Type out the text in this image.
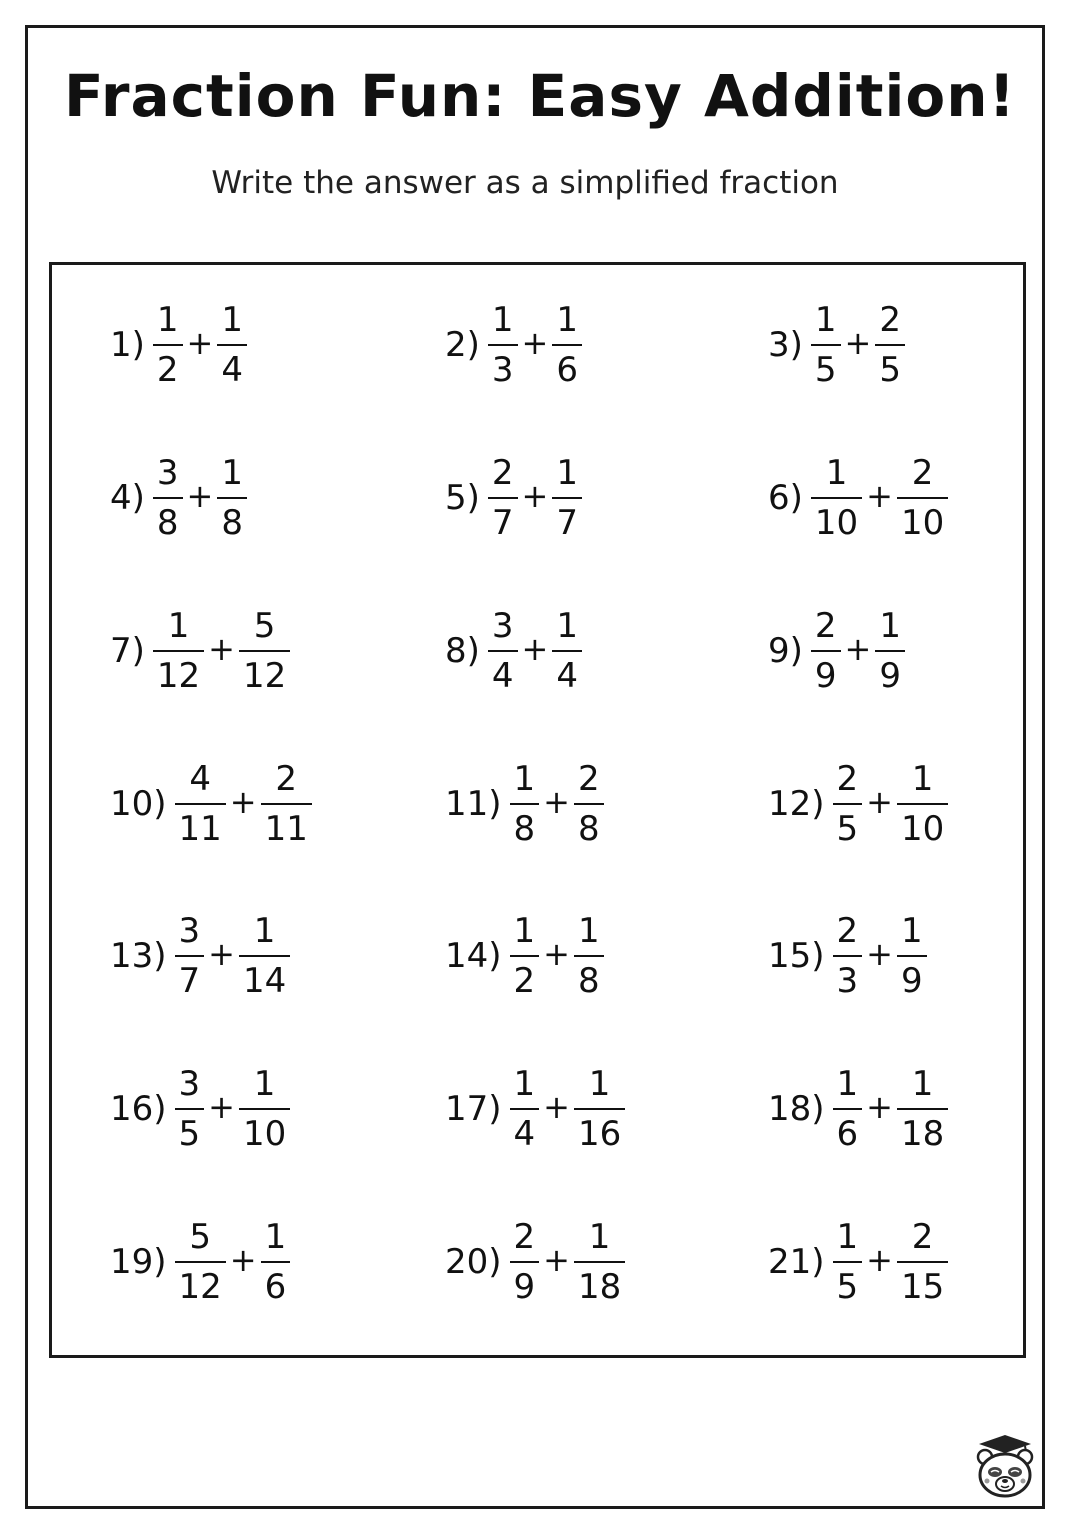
Fraction Fun: Easy Addition!
Write the answer as a simplified fraction
$1) \frac{1}{2} + \frac{1}{4}$	$2) \frac{1}{3} + \frac{1}{6}$	$3) \frac{1}{5} + \frac{2}{5}$
$4) \frac{3}{8} + \frac{1}{8}$	$5) \frac{2}{7} + \frac{1}{7}$	$6) \frac{1}{10} + \frac{2}{10}$
$7) \frac{1}{12} + \frac{5}{12}$	$8) \frac{3}{4} + \frac{1}{4}$	$9) \frac{2}{9} + \frac{1}{9}$
$10) \frac{4}{11} + \frac{2}{11}$	$11) \frac{1}{8} + \frac{2}{8}$	$12) \frac{2}{5} + \frac{1}{10}$
$13) \frac{3}{7} + \frac{1}{14}$	$14) \frac{1}{2} + \frac{1}{8}$	$15) \frac{2}{3} + \frac{1}{9}$
$16) \frac{3}{5} + \frac{1}{10}$	$17) \frac{1}{4} + \frac{1}{16}$	$18) \frac{1}{6} + \frac{1}{18}$
$19) \frac{5}{12} + \frac{1}{6}$	$20) \frac{2}{9} + \frac{1}{18}$	$21) \frac{1}{5} + \frac{2}{15}$
